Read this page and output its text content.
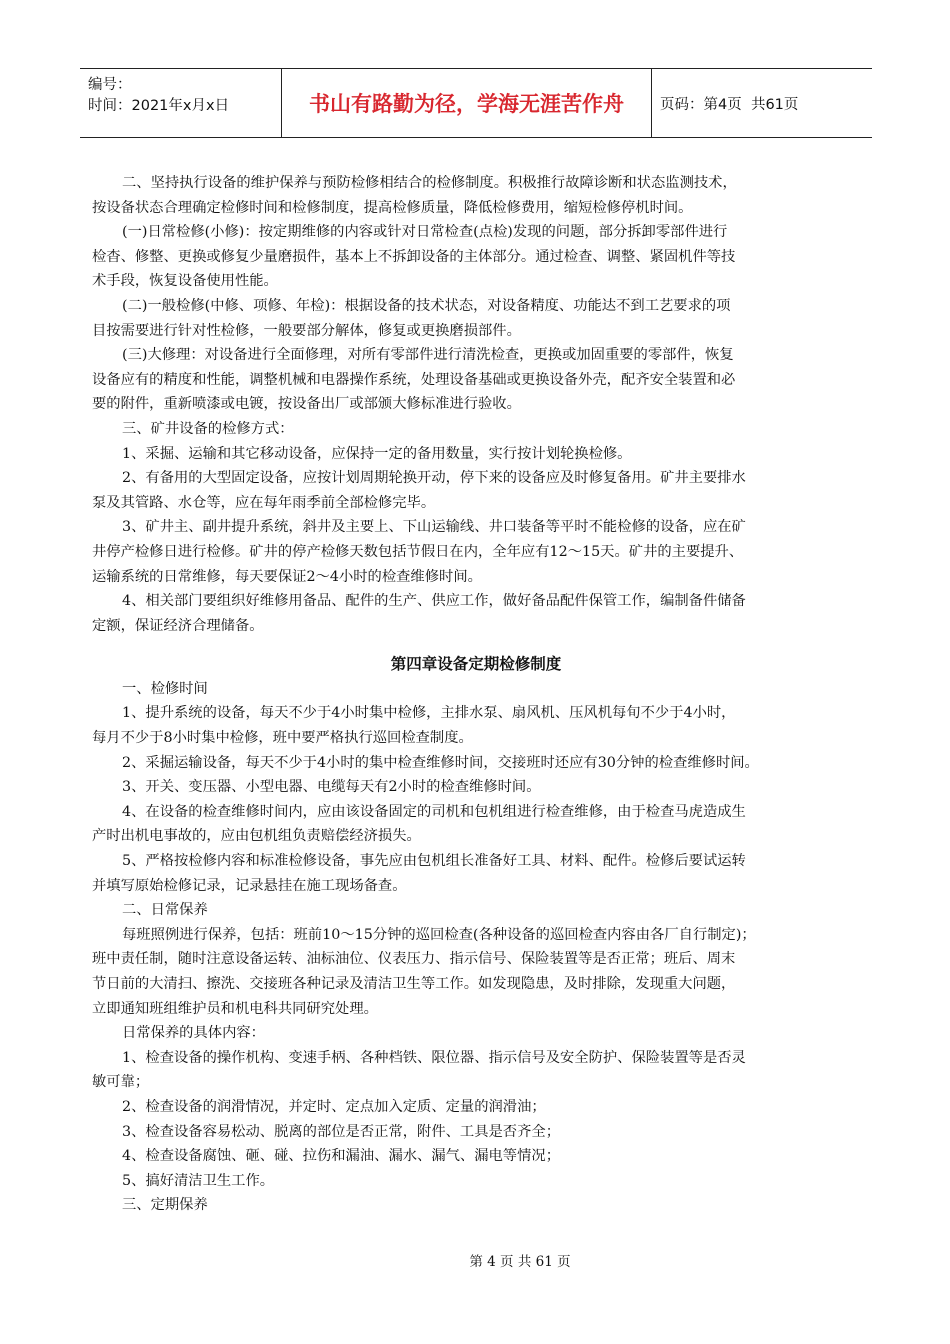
编号：
时间：2021年x月x日	书山有路勤为径，学海无涯苦作舟	页码：第4页  共61页
二、坚持执行设备的维护保养与预防检修相结合的检修制度。积极推行故障诊断和状态监测技术，
按设备状态合理确定检修时间和检修制度，提高检修质量，降低检修费用，缩短检修停机时间。
(一)日常检修(小修)：按定期维修的内容或针对日常检查(点检)发现的问题，部分拆卸零部件进行
检杳、修整、更换或修复少量磨损件，基本上不拆卸设备的主体部分。通过检查、调整、紧固机件等技
术手段，恢复设备使用性能。
(二)一般检修(中修、项修、年检)：根据设备的技术状态，对设备精度、功能达不到工艺要求的项
目按需要进行针对性检修，一般要部分解体，修复或更换磨损部件。
(三)大修理：对设备进行全面修理，对所有零部件进行清洗检查，更换或加固重要的零部件，恢复
设备应有的精度和性能，调整机械和电器操作系统，处理设备基础或更换设备外壳，配齐安全装置和必
要的附件，重新喷漆或电镀，按设备出厂或部颁大修标准进行验收。
三、矿井设备的检修方式：
1、采掘、运输和其它移动设备，应保持一定的备用数量，实行按计划轮换检修。
2、有备用的大型固定设备，应按计划周期轮换开动，停下来的设备应及时修复备用。矿井主要排水
泵及其管路、水仓等，应在每年雨季前全部检修完毕。
3、矿井主、副井提升系统，斜井及主要上、下山运输线、井口装备等平时不能检修的设备，应在矿
井停产检修日进行检修。矿井的停产检修天数包括节假日在内，全年应有12～15天。矿井的主要提升、
运输系统的日常维修，每天要保证2～4小时的检查维修时间。
4、相关部门要组织好维修用备品、配件的生产、供应工作，做好备品配件保管工作，编制备件储备
定额，保证经济合理储备。
第四章设备定期检修制度
一、检修时间
1、提升系统的设备，每天不少于4小时集中检修，主排水泵、扇风机、压风机每旬不少于4小时，
每月不少于8小时集中检修，班中要严格执行巡回检查制度。
2、采掘运输设备，每天不少于4小时的集中检查维修时间，交接班时还应有30分钟的检查维修时间。
3、开关、变压器、小型电器、电缆每天有2小时的检查维修时间。
4、在设备的检查维修时间内，应由该设备固定的司机和包机组进行检查维修，由于检查马虎造成生
产时出机电事故的，应由包机组负责赔偿经济损失。
5、严格按检修内容和标准检修设备，事先应由包机组长准备好工具、材料、配件。检修后要试运转
并填写原始检修记录，记录悬挂在施工现场备查。
二、日常保养
每班照例进行保养，包括：班前10～15分钟的巡回检查(各种设备的巡回检查内容由各厂自行制定)；
班中责任制，随时注意设备运转、油标油位、仪表压力、指示信号、保险装置等是否正常；班后、周末
节日前的大清扫、擦洗、交接班各种记录及清洁卫生等工作。如发现隐患，及时排除，发现重大问题，
立即通知班组维护员和机电科共同研究处理。
日常保养的具体内容：
1、检查设备的操作机构、变速手柄、各种档铁、限位器、指示信号及安全防护、保险装置等是否灵
敏可靠；
2、检查设备的润滑情况，并定时、定点加入定质、定量的润滑油；
3、检查设备容易松动、脱离的部位是否正常，附件、工具是否齐全；
4、检查设备腐蚀、砸、碰、拉伤和漏油、漏水、漏气、漏电等情况；
5、搞好清洁卫生工作。
三、定期保养
第 4 页 共 61 页
